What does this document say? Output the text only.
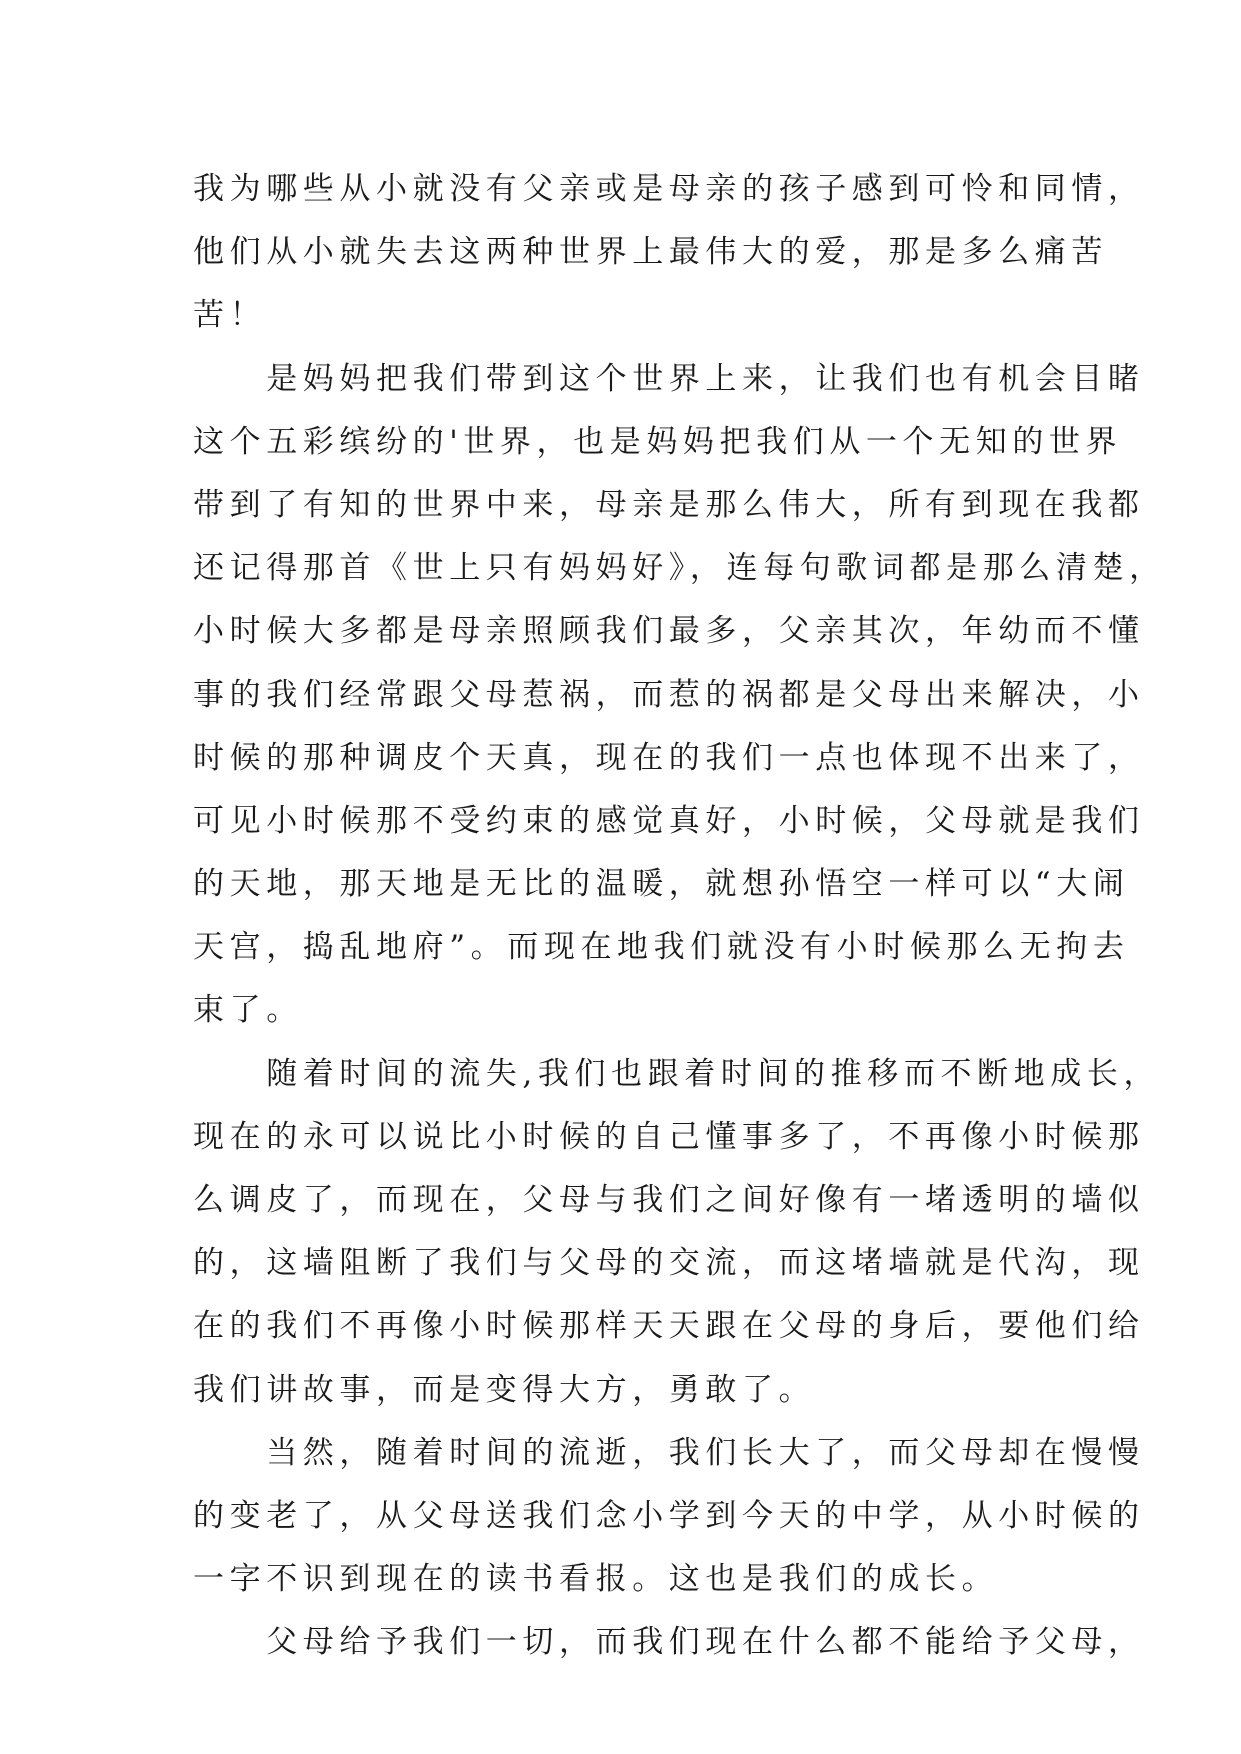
我为哪些从小就没有父亲或是母亲的孩子感到可怜和同情，
他们从小就失去这两种世界上最伟大的爱，那是多么痛苦
苦！
　　是妈妈把我们带到这个世界上来，让我们也有机会目睹
这个五彩缤纷的'世界，也是妈妈把我们从一个无知的世界
带到了有知的世界中来，母亲是那么伟大，所有到现在我都
还记得那首《世上只有妈妈好》，连每句歌词都是那么清楚，
小时候大多都是母亲照顾我们最多，父亲其次，年幼而不懂
事的我们经常跟父母惹祸，而惹的祸都是父母出来解决，小
时候的那种调皮个天真，现在的我们一点也体现不出来了，
可见小时候那不受约束的感觉真好，小时候，父母就是我们
的天地，那天地是无比的温暖，就想孙悟空一样可以“大闹
天宫，捣乱地府”。而现在地我们就没有小时候那么无拘去
束了。
　　随着时间的流失,我们也跟着时间的推移而不断地成长，
现在的永可以说比小时候的自己懂事多了，不再像小时候那
么调皮了，而现在，父母与我们之间好像有一堵透明的墙似
的，这墙阻断了我们与父母的交流，而这堵墙就是代沟，现
在的我们不再像小时候那样天天跟在父母的身后，要他们给
我们讲故事，而是变得大方，勇敢了。
　　当然，随着时间的流逝，我们长大了，而父母却在慢慢
的变老了，从父母送我们念小学到今天的中学，从小时候的
一字不识到现在的读书看报。这也是我们的成长。
　　父母给予我们一切，而我们现在什么都不能给予父母，
